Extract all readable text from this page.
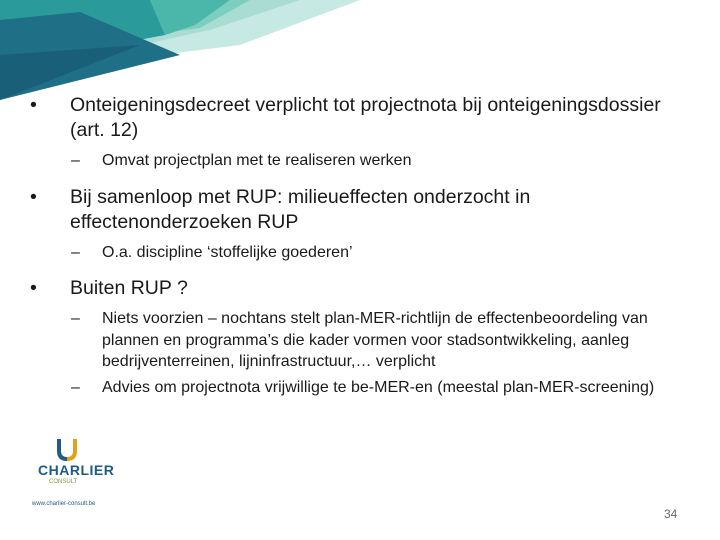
•	Onteigeningsdecreet verplicht tot projectnota bij onteigeningsdossier (art. 12)
– Omvat projectplan met te realiseren werken
•	Bij samenloop met RUP: milieueffecten onderzocht in effectenonderzoeken RUP
– O.a. discipline ‘stoffelijke goederen’
•	Buiten RUP ?
– Niets voorzien – nochtans stelt plan-MER-richtlijn de effectenbeoordeling van plannen en programma’s die kader vormen voor stadsontwikkeling, aanleg bedrijventerreinen, lijninfrastructuur,… verplicht
– Advies om projectnota vrijwillige te be-MER-en (meestal plan-MER-screening)
CHARLIER
CONSULT
www.charlier-consult.be
34
